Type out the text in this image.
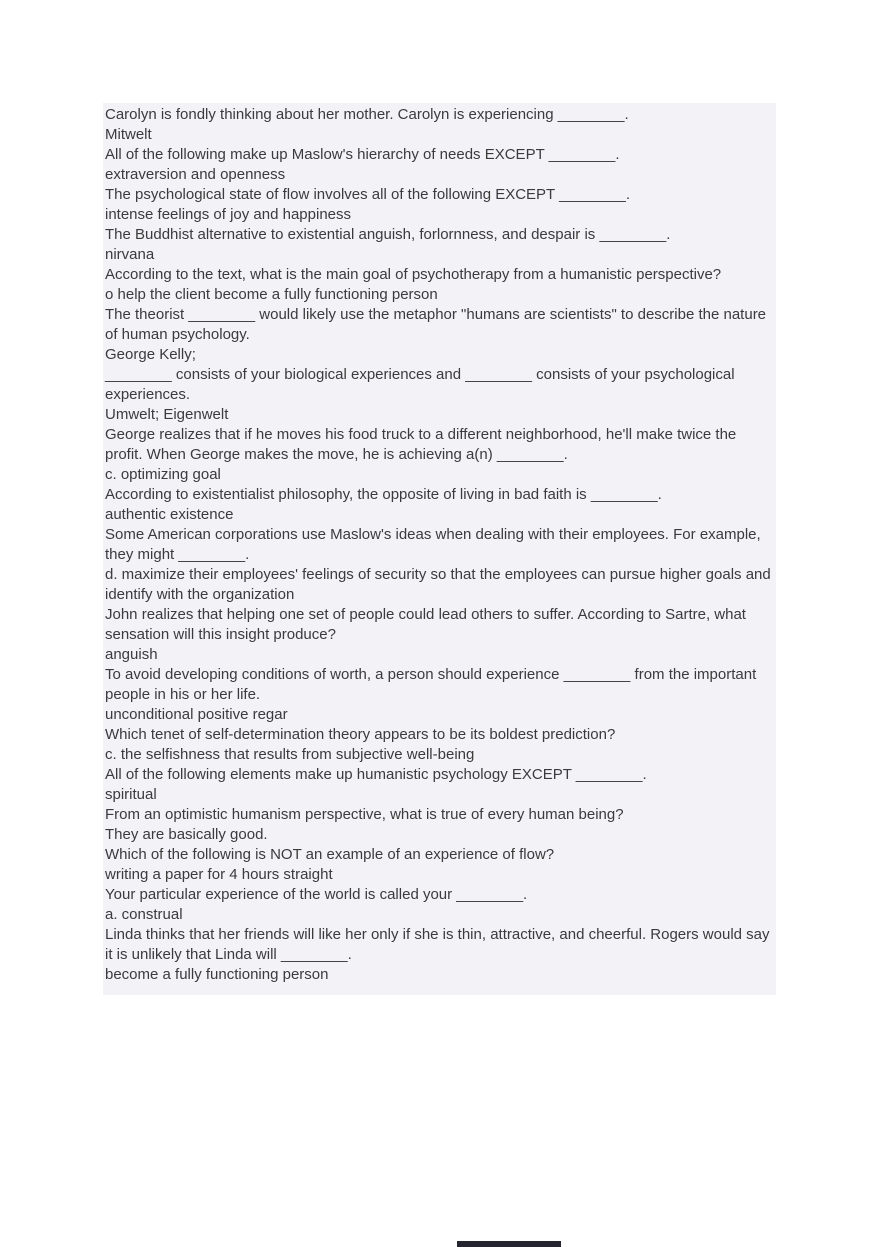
Carolyn is fondly thinking about her mother. Carolyn is experiencing ________.
Mitwelt
All of the following make up Maslow's hierarchy of needs EXCEPT ________.
extraversion and openness
The psychological state of flow involves all of the following EXCEPT ________.
intense feelings of joy and happiness
The Buddhist alternative to existential anguish, forlornness, and despair is ________.
nirvana
According to the text, what is the main goal of psychotherapy from a humanistic perspective?
o help the client become a fully functioning person
The theorist ________ would likely use the metaphor "humans are scientists" to describe the nature of human psychology.
George Kelly;
________ consists of your biological experiences and ________ consists of your psychological experiences.
Umwelt; Eigenwelt
George realizes that if he moves his food truck to a different neighborhood, he'll make twice the profit. When George makes the move, he is achieving a(n) ________.
c. optimizing goal
According to existentialist philosophy, the opposite of living in bad faith is ________.
authentic existence
Some American corporations use Maslow's ideas when dealing with their employees. For example, they might ________.
d. maximize their employees' feelings of security so that the employees can pursue higher goals and identify with the organization
John realizes that helping one set of people could lead others to suffer. According to Sartre, what sensation will this insight produce?
anguish
To avoid developing conditions of worth, a person should experience ________ from the important people in his or her life.
unconditional positive regar
Which tenet of self-determination theory appears to be its boldest prediction?
c. the selfishness that results from subjective well-being
All of the following elements make up humanistic psychology EXCEPT ________.
spiritual
From an optimistic humanism perspective, what is true of every human being?
They are basically good.
Which of the following is NOT an example of an experience of flow?
writing a paper for 4 hours straight
Your particular experience of the world is called your ________.
a. construal
Linda thinks that her friends will like her only if she is thin, attractive, and cheerful. Rogers would say it is unlikely that Linda will ________.
become a fully functioning person
